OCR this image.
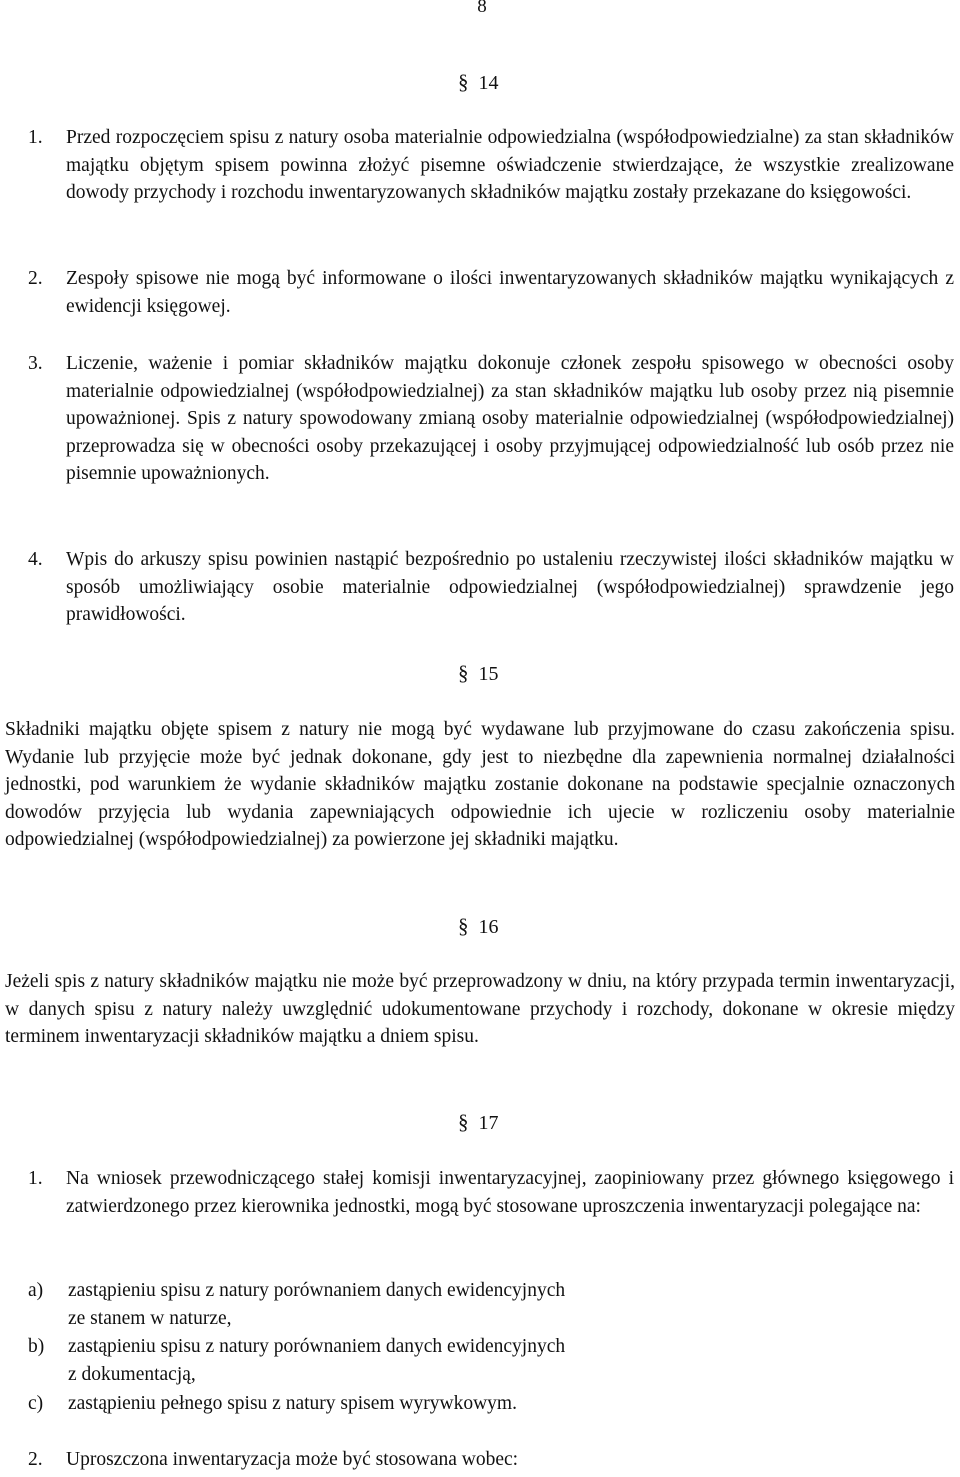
8
§ 14
1. Przed rozpoczęciem spisu z natury osoba materialnie odpowiedzialna (współodpowiedzialne) za stan składników majątku objętym spisem powinna złożyć pisemne oświadczenie stwierdzające, że wszystkie zrealizowane dowody przychody i rozchodu inwentaryzowanych składników majątku zostały przekazane do księgowości.
2. Zespoły spisowe nie mogą być informowane o ilości inwentaryzowanych składników majątku wynikających z ewidencji księgowej.
3. Liczenie, ważenie i pomiar składników majątku dokonuje członek zespołu spisowego w obecności osoby materialnie odpowiedzialnej (współodpowiedzialnej) za stan składników majątku lub osoby przez nią pisemnie upoważnionej. Spis z natury spowodowany zmianą osoby materialnie odpowiedzialnej (współodpowiedzialnej) przeprowadza się w obecności osoby przekazującej i osoby przyjmującej odpowiedzialność lub osób przez nie pisemnie upoważnionych.
4. Wpis do arkuszy spisu powinien nastąpić bezpośrednio po ustaleniu rzeczywistej ilości składników majątku w sposób umożliwiający osobie materialnie odpowiedzialnej (współodpowiedzialnej) sprawdzenie jego prawidłowości.
§ 15
Składniki majątku objęte spisem z natury nie mogą być wydawane lub przyjmowane do czasu zakończenia spisu. Wydanie lub przyjęcie może być jednak dokonane, gdy jest to niezbędne dla zapewnienia normalnej działalności jednostki, pod warunkiem że wydanie składników majątku zostanie dokonane na podstawie specjalnie oznaczonych dowodów przyjęcia lub wydania zapewniających odpowiednie ich ujecie w rozliczeniu osoby materialnie odpowiedzialnej (współodpowiedzialnej) za powierzone jej składniki majątku.
§ 16
Jeżeli spis z natury składników majątku nie może być przeprowadzony w dniu, na który przypada termin inwentaryzacji, w danych spisu z natury należy uwzględnić udokumentowane przychody i rozchody, dokonane w okresie między terminem inwentaryzacji składników majątku a dniem spisu.
§ 17
1. Na wniosek przewodniczącego stałej komisji inwentaryzacyjnej, zaopiniowany przez głównego księgowego i zatwierdzonego przez kierownika jednostki, mogą być stosowane uproszczenia inwentaryzacji polegające na:
a) zastąpieniu spisu z natury porównaniem danych ewidencyjnych
ze stanem w naturze,
b) zastąpieniu spisu z natury porównaniem danych ewidencyjnych
z dokumentacją,
c) zastąpieniu pełnego spisu z natury spisem wyrywkowym.
2. Uproszczona inwentaryzacja może być stosowana wobec:
